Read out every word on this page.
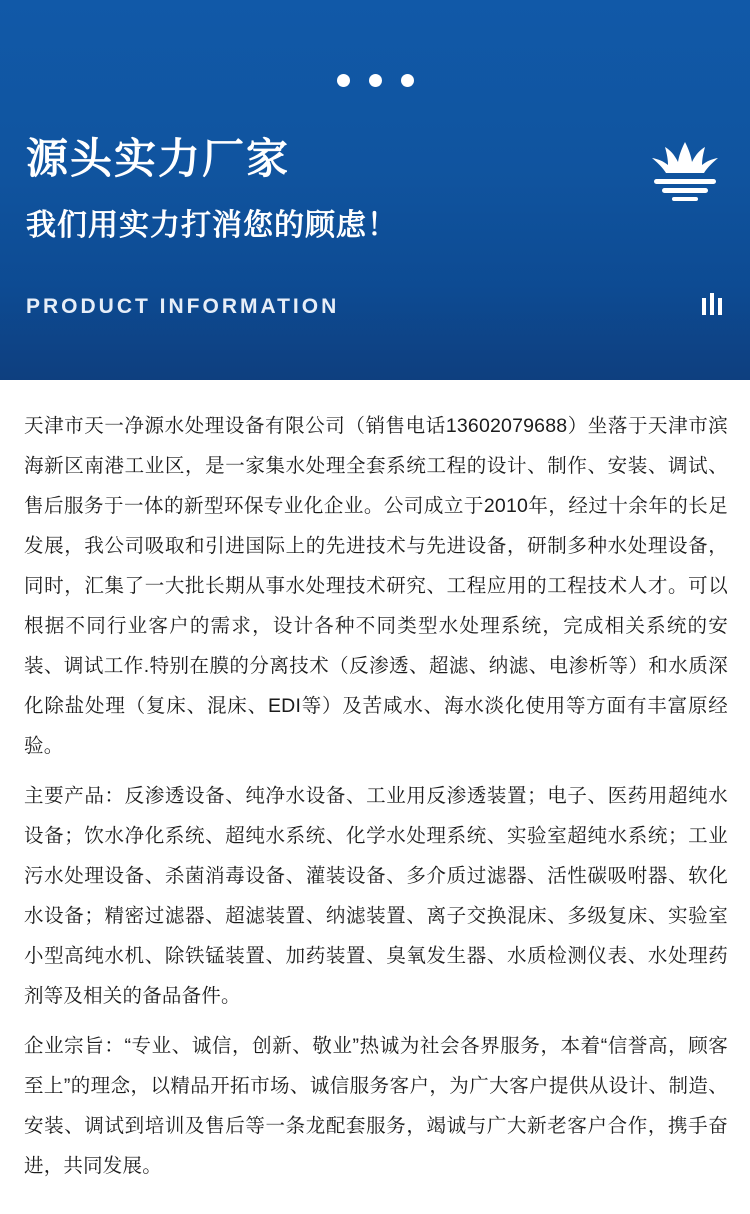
源头实力厂家
我们用实力打消您的顾虑！
PRODUCT INFORMATION

天津市天一净源水处理设备有限公司（销售电话13602079688）坐落于天津市滨海新区南港工业区，是一家集水处理全套系统工程的设计、制作、安装、调试、售后服务于一体的新型环保专业化企业。公司成立于2010年，经过十余年的长足发展，我公司吸取和引进国际上的先进技术与先进设备，研制多种水处理设备，同时，汇集了一大批长期从事水处理技术研究、工程应用的工程技术人才。可以根据不同行业客户的需求，设计各种不同类型水处理系统，完成相关系统的安装、调试工作.特别在膜的分离技术（反渗透、超滤、纳滤、电渗析等）和水质深化除盐处理（复床、混床、EDI等）及苦咸水、海水淡化使用等方面有丰富原经验。

主要产品：反渗透设备、纯净水设备、工业用反渗透装置；电子、医药用超纯水设备；饮水净化系统、超纯水系统、化学水处理系统、实验室超纯水系统；工业污水处理设备、杀菌消毒设备、灌装设备、多介质过滤器、活性碳吸咐器、软化水设备；精密过滤器、超滤装置、纳滤装置、离子交换混床、多级复床、实验室小型高纯水机、除铁锰装置、加药装置、臭氧发生器、水质检测仪表、水处理药剂等及相关的备品备件。

企业宗旨：“专业、诚信，创新、敬业”热诚为社会各界服务，本着“信誉高，顾客至上”的理念，以精品开拓市场、诚信服务客户，为广大客户提供从设计、制造、安装、调试到培训及售后等一条龙配套服务，竭诚与广大新老客户合作，携手奋进，共同发展。
